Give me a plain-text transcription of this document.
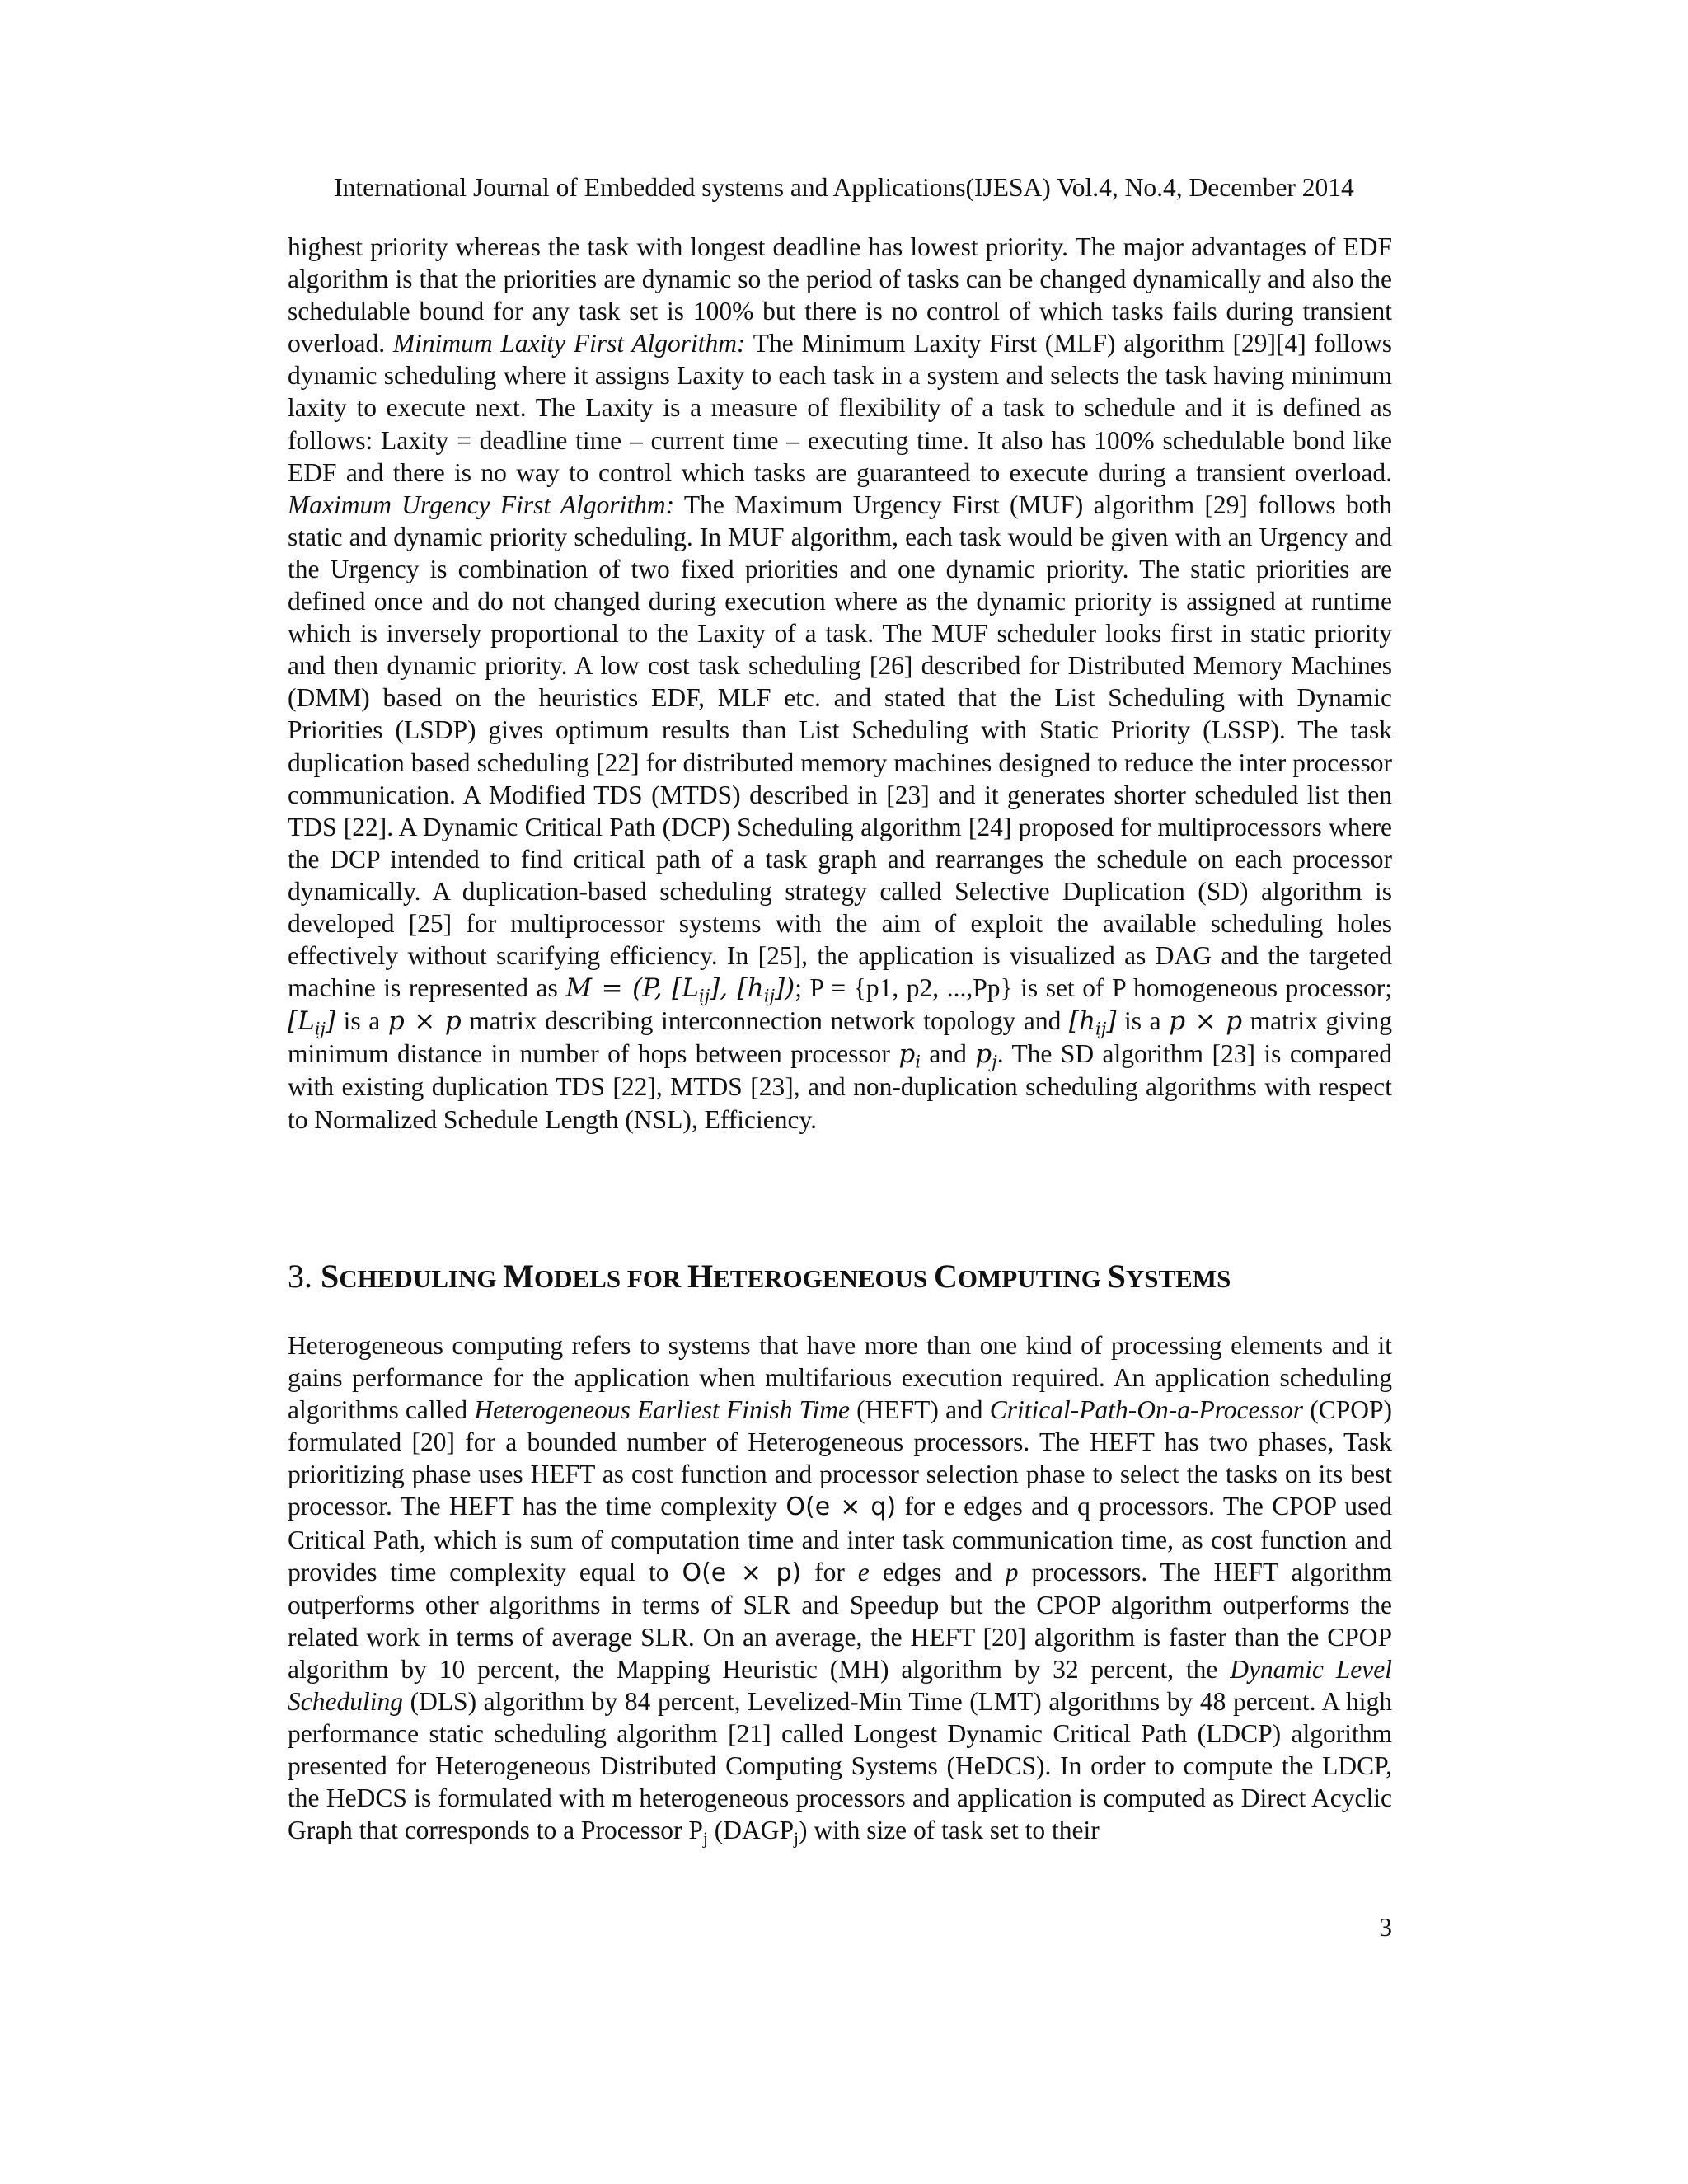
International Journal of Embedded systems and Applications(IJESA) Vol.4, No.4, December 2014

highest priority whereas the task with longest deadline has lowest priority. The major advantages of EDF algorithm is that the priorities are dynamic so the period of tasks can be changed dynamically and also the schedulable bound for any task set is 100% but there is no control of which tasks fails during transient overload. Minimum Laxity First Algorithm: The Minimum Laxity First (MLF) algorithm [29][4] follows dynamic scheduling where it assigns Laxity to each task in a system and selects the task having minimum laxity to execute next. The Laxity is a measure of flexibility of a task to schedule and it is defined as follows: Laxity = deadline time – current time – executing time. It also has 100% schedulable bond like EDF and there is no way to control which tasks are guaranteed to execute during a transient overload. Maximum Urgency First Algorithm: The Maximum Urgency First (MUF) algorithm [29] follows both static and dynamic priority scheduling. In MUF algorithm, each task would be given with an Urgency and the Urgency is combination of two fixed priorities and one dynamic priority. The static priorities are defined once and do not changed during execution where as the dynamic priority is assigned at runtime which is inversely proportional to the Laxity of a task. The MUF scheduler looks first in static priority and then dynamic priority. A low cost task scheduling [26] described for Distributed Memory Machines (DMM) based on the heuristics EDF, MLF etc. and stated that the List Scheduling with Dynamic Priorities (LSDP) gives optimum results than List Scheduling with Static Priority (LSSP). The task duplication based scheduling [22] for distributed memory machines designed to reduce the inter processor communication. A Modified TDS (MTDS) described in [23] and it generates shorter scheduled list then TDS [22]. A Dynamic Critical Path (DCP) Scheduling algorithm [24] proposed for multiprocessors where the DCP intended to find critical path of a task graph and rearranges the schedule on each processor dynamically. A duplication-based scheduling strategy called Selective Duplication (SD) algorithm is developed [25] for multiprocessor systems with the aim of exploit the available scheduling holes effectively without scarifying efficiency. In [25], the application is visualized as DAG and the targeted machine is represented as M = (P, $[L_{ij}]$, $[h_{ij}]$); P = {p1, p2, ...,Pp} is set of P homogeneous processor; $[L_{ij}]$ is a p × p matrix describing interconnection network topology and $[h_{ij}]$ is a p × p matrix giving minimum distance in number of hops between processor $p_i$ and $p_j$. The SD algorithm [23] is compared with existing duplication TDS [22], MTDS [23], and non-duplication scheduling algorithms with respect to Normalized Schedule Length (NSL), Efficiency.

3. SCHEDULING MODELS FOR HETEROGENEOUS COMPUTING SYSTEMS

Heterogeneous computing refers to systems that have more than one kind of processing elements and it gains performance for the application when multifarious execution required. An application scheduling algorithms called Heterogeneous Earliest Finish Time (HEFT) and Critical-Path-On-a-Processor (CPOP) formulated [20] for a bounded number of Heterogeneous processors. The HEFT has two phases, Task prioritizing phase uses HEFT as cost function and processor selection phase to select the tasks on its best processor. The HEFT has the time complexity O(e × q) for e edges and q processors. The CPOP used Critical Path, which is sum of computation time and inter task communication time, as cost function and provides time complexity equal to O(e × p) for e edges and p processors. The HEFT algorithm outperforms other algorithms in terms of SLR and Speedup but the CPOP algorithm outperforms the related work in terms of average SLR. On an average, the HEFT [20] algorithm is faster than the CPOP algorithm by 10 percent, the Mapping Heuristic (MH) algorithm by 32 percent, the Dynamic Level Scheduling (DLS) algorithm by 84 percent, Levelized-Min Time (LMT) algorithms by 48 percent. A high performance static scheduling algorithm [21] called Longest Dynamic Critical Path (LDCP) algorithm presented for Heterogeneous Distributed Computing Systems (HeDCS). In order to compute the LDCP, the HeDCS is formulated with m heterogeneous processors and application is computed as Direct Acyclic Graph that corresponds to a Processor $P_j$ $(DAGP_j)$ with size of task set to their

3
